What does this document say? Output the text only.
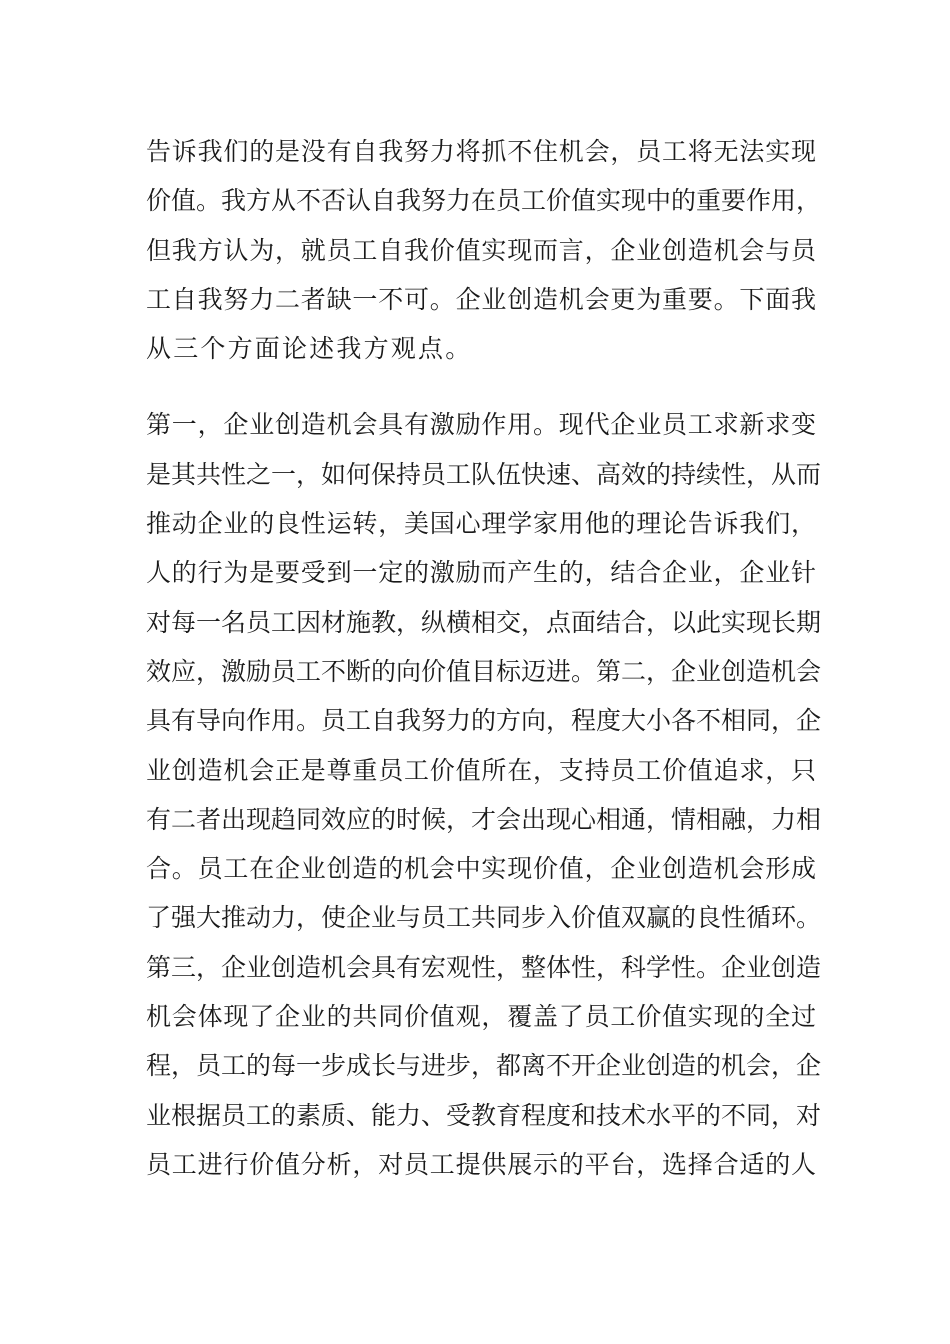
告诉我们的是没有自我努力将抓不住机会，员工将无法实现
价值。我方从不否认自我努力在员工价值实现中的重要作用，
但我方认为，就员工自我价值实现而言，企业创造机会与员
工自我努力二者缺一不可。企业创造机会更为重要。下面我
从三个方面论述我方观点。
第一，企业创造机会具有激励作用。现代企业员工求新求变
是其共性之一，如何保持员工队伍快速、高效的持续性，从而
推动企业的良性运转，美国心理学家用他的理论告诉我们，
人的行为是要受到一定的激励而产生的，结合企业，企业针
对每一名员工因材施教，纵横相交，点面结合，以此实现长期
效应，激励员工不断的向价值目标迈进。第二，企业创造机会
具有导向作用。员工自我努力的方向，程度大小各不相同，企
业创造机会正是尊重员工价值所在，支持员工价值追求，只
有二者出现趋同效应的时候，才会出现心相通，情相融，力相
合。员工在企业创造的机会中实现价值，企业创造机会形成
了强大推动力，使企业与员工共同步入价值双赢的良性循环。
第三，企业创造机会具有宏观性，整体性，科学性。企业创造
机会体现了企业的共同价值观，覆盖了员工价值实现的全过
程，员工的每一步成长与进步，都离不开企业创造的机会，企
业根据员工的素质、能力、受教育程度和技术水平的不同，对
员工进行价值分析，对员工提供展示的平台，选择合适的人
